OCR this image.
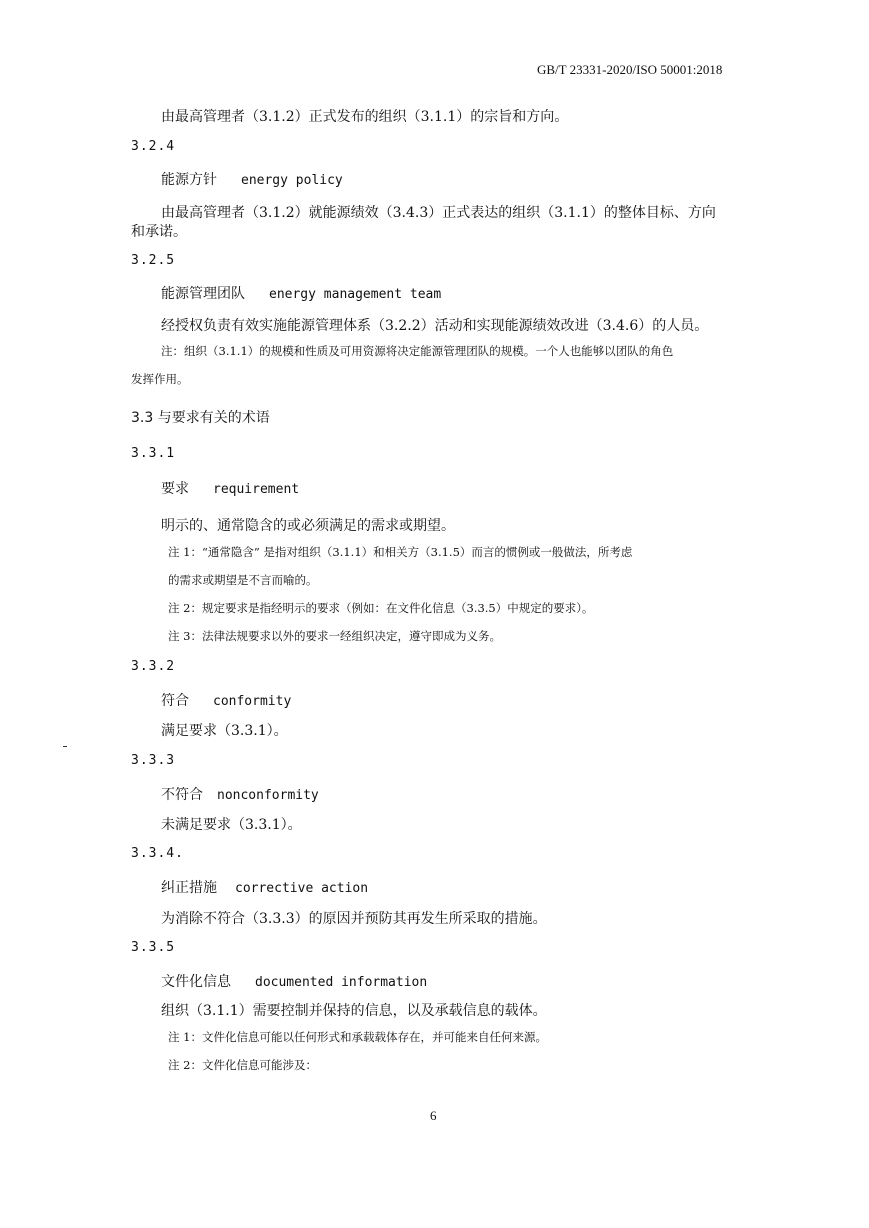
GB/T 23331-2020/ISO 50001:2018
由最高管理者（3.1.2）正式发布的组织（3.1.1）的宗旨和方向。
3.2.4
能源方针 energy policy
由最高管理者（3.1.2）就能源绩效（3.4.3）正式表达的组织（3.1.1）的整体目标、方向
和承诺。
3.2.5
能源管理团队 energy management team
经授权负责有效实施能源管理体系（3.2.2）活动和实现能源绩效改进（3.4.6）的人员。
注：组织（3.1.1）的规模和性质及可用资源将决定能源管理团队的规模。一个人也能够以团队的角色
发挥作用。
3.3 与要求有关的术语
3.3.1
要求 requirement
明示的、通常隐含的或必须满足的需求或期望。
注 1：“通常隐含” 是指对组织（3.1.1）和相关方（3.1.5）而言的惯例或一般做法，所考虑
的需求或期望是不言而喻的。
注 2：规定要求是指经明示的要求（例如：在文件化信息（3.3.5）中规定的要求）。
注 3：法律法规要求以外的要求一经组织决定，遵守即成为义务。
3.3.2
符合 conformity
满足要求（3.3.1）。
3.3.3
不符合 nonconformity
未满足要求（3.3.1）。
3.3.4.
纠正措施 corrective action
为消除不符合（3.3.3）的原因并预防其再发生所采取的措施。
3.3.5
文件化信息 documented information
组织（3.1.1）需要控制并保持的信息，以及承载信息的载体。
注 1：文件化信息可能以任何形式和承载载体存在，并可能来自任何来源。
注 2：文件化信息可能涉及：
6
